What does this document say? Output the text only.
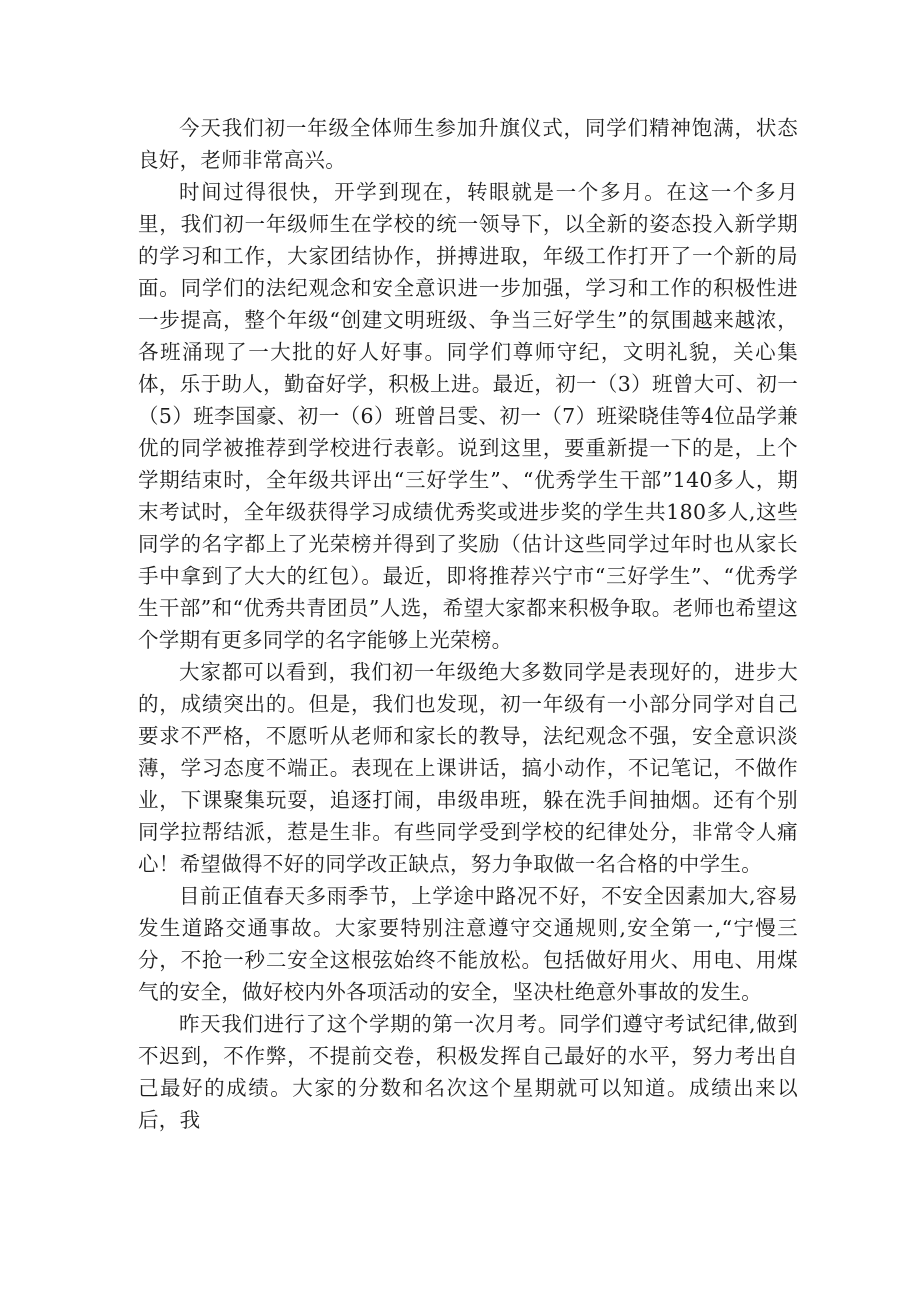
今天我们初一年级全体师生参加升旗仪式，同学们精神饱满，状态良好，老师非常高兴。

时间过得很快，开学到现在，转眼就是一个多月。在这一个多月里，我们初一年级师生在学校的统一领导下，以全新的姿态投入新学期的学习和工作，大家团结协作，拼搏进取，年级工作打开了一个新的局面。同学们的法纪观念和安全意识进一步加强，学习和工作的积极性进一步提高，整个年级“创建文明班级、争当三好学生”的氛围越来越浓，各班涌现了一大批的好人好事。同学们尊师守纪，文明礼貌，关心集体，乐于助人，勤奋好学，积极上进。最近，初一（3）班曾大可、初一（5）班李国豪、初一（6）班曾吕雯、初一（7）班梁晓佳等4位品学兼优的同学被推荐到学校进行表彰。说到这里，要重新提一下的是，上个学期结束时，全年级共评出“三好学生”、“优秀学生干部”140多人，期末考试时，全年级获得学习成绩优秀奖或进步奖的学生共180多人,这些同学的名字都上了光荣榜并得到了奖励（估计这些同学过年时也从家长手中拿到了大大的红包）。最近，即将推荐兴宁市“三好学生”、“优秀学生干部”和“优秀共青团员”人选，希望大家都来积极争取。老师也希望这个学期有更多同学的名字能够上光荣榜。

大家都可以看到，我们初一年级绝大多数同学是表现好的，进步大的，成绩突出的。但是，我们也发现，初一年级有一小部分同学对自己要求不严格，不愿听从老师和家长的教导，法纪观念不强，安全意识淡薄，学习态度不端正。表现在上课讲话，搞小动作，不记笔记，不做作业，下课聚集玩耍，追逐打闹，串级串班，躲在洗手间抽烟。还有个别同学拉帮结派，惹是生非。有些同学受到学校的纪律处分，非常令人痛心！希望做得不好的同学改正缺点，努力争取做一名合格的中学生。

目前正值春天多雨季节，上学途中路况不好，不安全因素加大,容易发生道路交通事故。大家要特别注意遵守交通规则,安全第一,“宁慢三分，不抢一秒二安全这根弦始终不能放松。包括做好用火、用电、用煤气的安全，做好校内外各项活动的安全，坚决杜绝意外事故的发生。

昨天我们进行了这个学期的第一次月考。同学们遵守考试纪律,做到不迟到，不作弊，不提前交卷，积极发挥自己最好的水平，努力考出自己最好的成绩。大家的分数和名次这个星期就可以知道。成绩出来以后，我
